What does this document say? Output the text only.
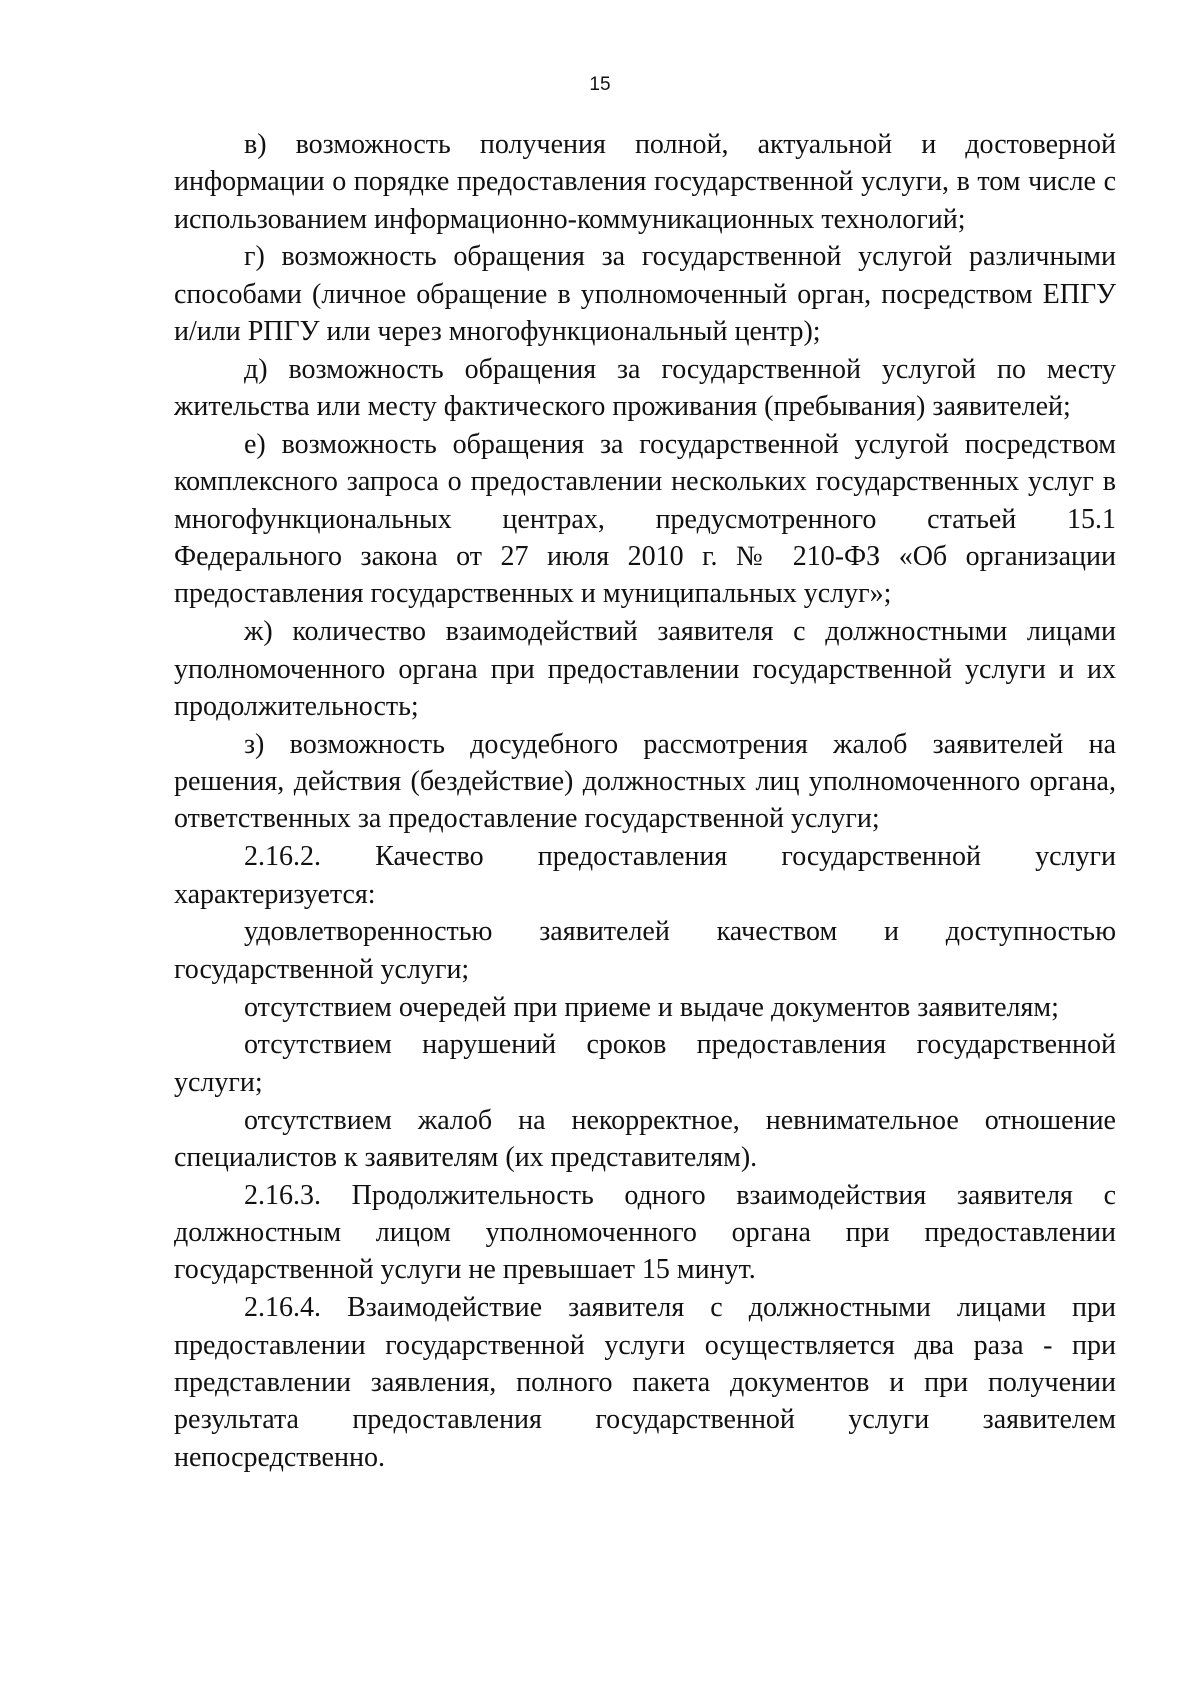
15

в) возможность получения полной, актуальной и достоверной информации о порядке предоставления государственной услуги, в том числе с использованием информационно-коммуникационных технологий;

г) возможность обращения за государственной услугой различными способами (личное обращение в уполномоченный орган, посредством ЕПГУ и/или РПГУ или через многофункциональный центр);

д) возможность обращения за государственной услугой по месту жительства или месту фактического проживания (пребывания) заявителей;

е) возможность обращения за государственной услугой посредством комплексного запроса о предоставлении нескольких государственных услуг в многофункциональных центрах, предусмотренного статьей 15.1 Федерального закона от 27 июля 2010 г. № 210-ФЗ «Об организации предоставления государственных и муниципальных услуг»;

ж) количество взаимодействий заявителя с должностными лицами уполномоченного органа при предоставлении государственной услуги и их продолжительность;

з) возможность досудебного рассмотрения жалоб заявителей на решения, действия (бездействие) должностных лиц уполномоченного органа, ответственных за предоставление государственной услуги;

2.16.2. Качество предоставления государственной услуги характеризуется:

удовлетворенностью заявителей качеством и доступностью государственной услуги;

отсутствием очередей при приеме и выдаче документов заявителям;

отсутствием нарушений сроков предоставления государственной услуги;

отсутствием жалоб на некорректное, невнимательное отношение специалистов к заявителям (их представителям).

2.16.3. Продолжительность одного взаимодействия заявителя с должностным лицом уполномоченного органа при предоставлении государственной услуги не превышает 15 минут.

2.16.4. Взаимодействие заявителя с должностными лицами при предоставлении государственной услуги осуществляется два раза - при представлении заявления, полного пакета документов и при получении результата предоставления государственной услуги заявителем непосредственно.
